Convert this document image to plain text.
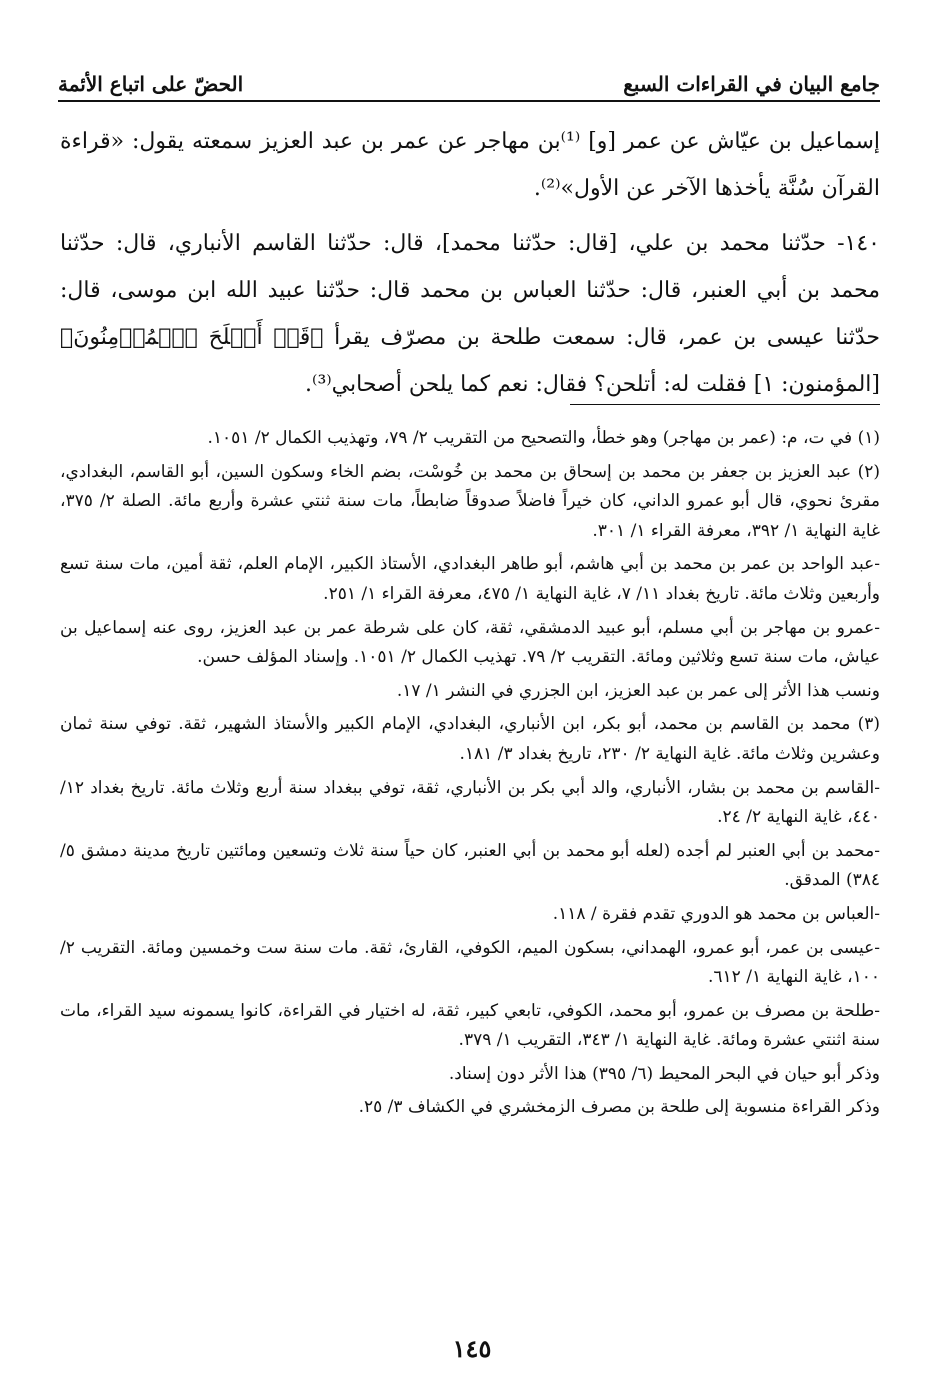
جامع البيان في القراءات السبع
الحضّ على اتباع الأئمة

إسماعيل بن عيّاش عن عمر [و] ⁽¹⁾بن مهاجر عن عمر بن عبد العزيز سمعته يقول: «قراءة القرآن سُنَّة يأخذها الآخر عن الأول»⁽²⁾.

١٤٠- حدّثنا محمد بن علي، [قال: حدّثنا محمد]، قال: حدّثنا القاسم الأنباري، قال: حدّثنا محمد بن أبي العنبر، قال: حدّثنا العباس بن محمد قال: حدّثنا عبيد الله ابن موسى، قال: حدّثنا عيسى بن عمر، قال: سمعت طلحة بن مصرّف يقرأ ﴿قَدۡ أَفۡلَحَ ٱلۡمُؤۡمِنُونَ﴾ [المؤمنون: ١] فقلت له: أتلحن؟ فقال: نعم كما يلحن أصحابي⁽³⁾.

(١) في ت، م: (عمر بن مهاجر) وهو خطأ، والتصحيح من التقريب ٢/ ٧٩، وتهذيب الكمال ٢/ ١٠٥١.

(٢) عبد العزيز بن جعفر بن محمد بن إسحاق بن محمد بن خُوسْت، بضم الخاء وسكون السين، أبو القاسم، البغدادي، مقرئ نحوي، قال أبو عمرو الداني، كان خيراً فاضلاً صدوقاً ضابطاً، مات سنة ثنتي عشرة وأربع مائة. الصلة ٢/ ٣٧٥، غاية النهاية ١/ ٣٩٢، معرفة القراء ١/ ٣٠١.

-عبد الواحد بن عمر بن محمد بن أبي هاشم، أبو طاهر البغدادي، الأستاذ الكبير، الإمام العلم، ثقة أمين، مات سنة تسع وأربعين وثلاث مائة. تاريخ بغداد ١١/ ٧، غاية النهاية ١/ ٤٧٥، معرفة القراء ١/ ٢٥١.

-عمرو بن مهاجر بن أبي مسلم، أبو عبيد الدمشقي، ثقة، كان على شرطة عمر بن عبد العزيز، روى عنه إسماعيل بن عياش، مات سنة تسع وثلاثين ومائة. التقريب ٢/ ٧٩. تهذيب الكمال ٢/ ١٠٥١. وإسناد المؤلف حسن.

ونسب هذا الأثر إلى عمر بن عبد العزيز، ابن الجزري في النشر ١/ ١٧.

(٣) محمد بن القاسم بن محمد، أبو بكر، ابن الأنباري، البغدادي، الإمام الكبير والأستاذ الشهير، ثقة. توفي سنة ثمان وعشرين وثلاث مائة. غاية النهاية ٢/ ٢٣٠، تاريخ بغداد ٣/ ١٨١.

-القاسم بن محمد بن بشار، الأنباري، والد أبي بكر بن الأنباري، ثقة، توفي ببغداد سنة أربع وثلاث مائة. تاريخ بغداد ١٢/ ٤٤٠، غاية النهاية ٢/ ٢٤.

-محمد بن أبي العنبر لم أجده (لعله أبو محمد بن أبي العنبر، كان حياً سنة ثلاث وتسعين ومائتين تاريخ مدينة دمشق ٥/ ٣٨٤) المدقق.

-العباس بن محمد هو الدوري تقدم فقرة / ١١٨.

-عيسى بن عمر، أبو عمرو، الهمداني، بسكون الميم، الكوفي، القارئ، ثقة. مات سنة ست وخمسين ومائة. التقريب ٢/ ١٠٠، غاية النهاية ١/ ٦١٢.

-طلحة بن مصرف بن عمرو، أبو محمد، الكوفي، تابعي كبير، ثقة، له اختيار في القراءة، كانوا يسمونه سيد القراء، مات سنة اثنتي عشرة ومائة. غاية النهاية ١/ ٣٤٣، التقريب ١/ ٣٧٩.

وذكر أبو حيان في البحر المحيط (٦/ ٣٩٥) هذا الأثر دون إسناد.

وذكر القراءة منسوبة إلى طلحة بن مصرف الزمخشري في الكشاف ٣/ ٢٥.

١٤٥
